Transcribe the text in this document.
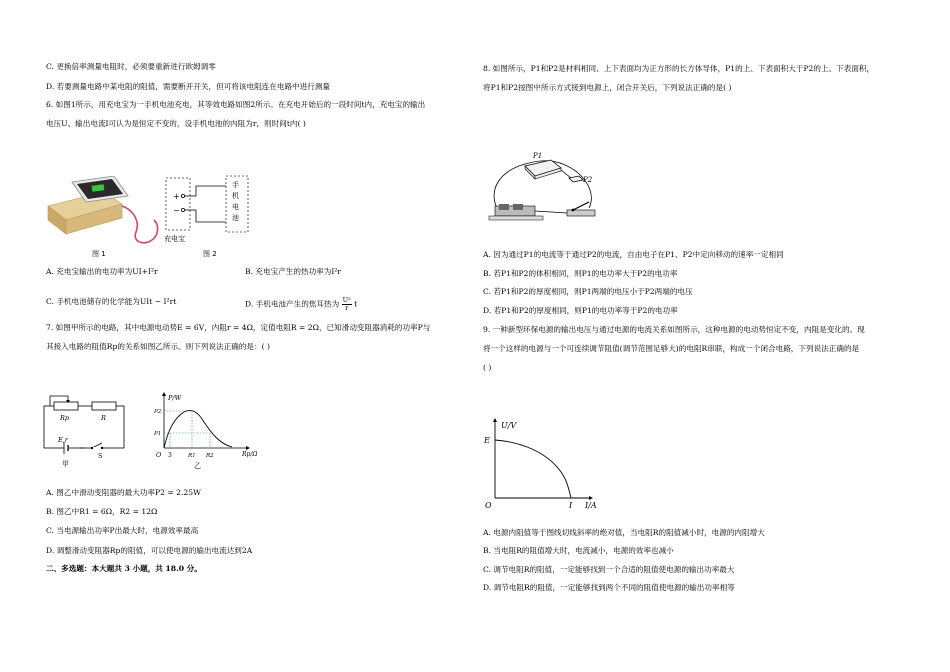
C. 更换倍率测量电阻时，必须要重新进行欧姆调零
D. 若要测量电路中某电阻的阻值，需要断开开关，但可将该电阻连在电路中进行测量
6. 如图1所示，用充电宝为一手机电池充电，其等效电路如图2所示。在充电开始后的一段时间t内，充电宝的输出
电压U、输出电流I可认为是恒定不变的，设手机电池的内阻为r，则时间t内( )
图 1
+
−
手机电池
充电宝
图 2
A. 充电宝输出的电功率为UI+I²r	B. 充电宝产生的热功率为I²r
C. 手机电池储存的化学能为UIt − I²rt	D. 手机电池产生的焦耳热为 $\frac{\text{U²}}{r}$ t
7. 如图甲所示的电路，其中电源电动势E = 6V，内阻r = 4Ω，定值电阻R = 2Ω，已知滑动变阻器消耗的功率P与
其接入电路的阻值Rp的关系如图乙所示。则下列说法正确的是：( )
Rp	R
E,r
S
甲
P/W
Rp/Ω
P2
P1
O 3	R1 R2
乙
A. 图乙中滑动变阻器的最大功率P2 = 2.25W
B. 图乙中R1 = 6Ω，R2 = 12Ω
C. 当电源输出功率P出最大时，电源效率最高
D. 调整滑动变阻器Rp的阻值，可以使电源的输出电流达到2A
二、多选题：本大题共 3 小题，共 18.0 分。
8. 如图所示，P1和P2是材料相同、上下表面均为正方形的长方体导体，P1的上、下表面积大于P2的上、下表面积，
将P1和P2按图中所示方式接到电源上，闭合开关后，下列说法正确的是( )
P1
P2
A. 因为通过P1的电流等于通过P2的电流，自由电子在P1、P2中定向移动的速率一定相同
B. 若P1和P2的体积相同，则P1的电功率大于P2的电功率
C. 若P1和P2的厚度相同，则P1两端的电压小于P2两端的电压
D. 若P1和P2的厚度相同，则P1的电功率等于P2的电功率
9. 一种新型环保电源的输出电压与通过电源的电流关系如图所示，这种电源的电动势恒定不变，内阻是变化的。现
将一个这样的电源与一个可连续调节阻值(调节范围足够大)的电阻R串联，构成一个闭合电路，下列说法正确的是
( )
U/V
I/A
E
O	I
A. 电源内阻值等于图线切线斜率的绝对值，当电阻R的阻值减小时，电源的内阻增大
B. 当电阻R的阻值增大时，电流减小，电源的效率也减小
C. 调节电阻R的阻值，一定能够找到一个合适的阻值使电源的输出功率最大
D. 调节电阻R的阻值，一定能够找到两个不同的阻值使电源的输出功率相等
